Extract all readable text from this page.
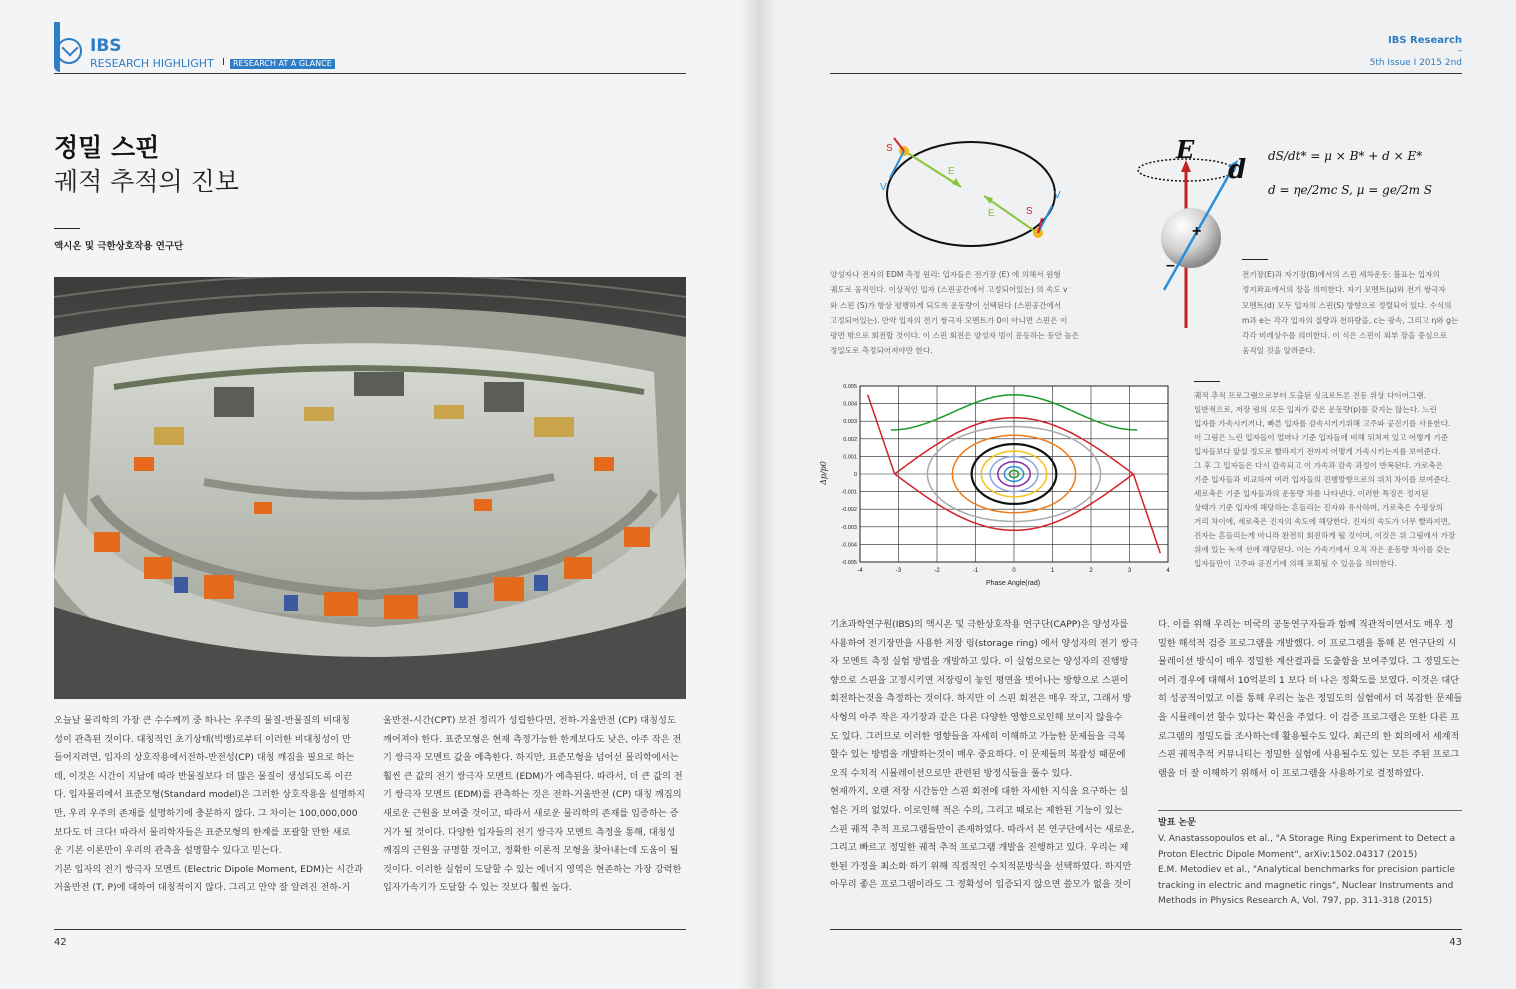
IBS
RESEARCH HIGHLIGHT I	RESEARCH AT A GLANCE
정밀 스핀
궤적 추적의 진보
액시온 및 극한상호작용 연구단

오늘날 물리학의 가장 큰 수수께끼 중 하나는 우주의 물질-반물질의 비대칭

성이 관측된 것이다. 대칭적인 초기상태(빅뱅)로부터 이러한 비대칭성이 만

들어지려면, 입자의 상호작용에서전하-반전성(CP) 대칭 깨짐을 필요로 하는

데, 이것은 시간이 지남에 따라 반물질보다 더 많은 물질이 생성되도록 이끈

다. 입자물리에서 표준모형(Standard model)은 그러한 상호작용을 설명하지

만, 우리 우주의 존재를 설명하기에 충분하지 않다. 그 차이는 100,000,000

보다도 더 크다! 따라서 물리학자들은 표준모형의 한계를 포괄할 만한 새로

운 기본 이론만이 우리의 관측을 설명할수 있다고 믿는다.

기본 입자의 전기 쌍극자 모멘트 (Electric Dipole Moment, EDM)는 시간과

거울반전 (T, P)에 대하여 대칭적이지 않다. 그리고 만약 잘 알려진 전하-거

울반전-시간(CPT) 보전 정리가 성립한다면, 전하-거울반전 (CP) 대칭성도

깨어져야 한다. 표준모형은 현재 측정가능한 한계보다도 낮은, 아주 작은 전

기 쌍극자 모멘트 값을 예측한다. 하지만, 표준모형을 넘어선 물리학에서는

훨씬 큰 값의 전기 쌍극자 모멘트 (EDM)가 예측된다. 따라서, 더 큰 값의 전

기 쌍극자 모멘트 (EDM)를 관측하는 것은 전하-거울반전 (CP) 대칭 깨짐의

새로운 근원을 보여줄 것이고, 따라서 새로운 물리학의 존재를 입증하는 증

거가 될 것이다. 다양한 입자들의 전기 쌍극자 모멘트 측정을 통해, 대칭성

깨짐의 근원을 규명할 것이고, 정확한 이론적 모형을 찾아내는데 도움이 될

것이다. 이러한 실험이 도달할 수 있는 에너지 영역은 현존하는 가장 강력한

입자가속기가 도달할 수 있는 것보다 훨씬 높다.

42
IBS Research
–
5th Issue I 2015 2nd
S
V
E
E	S
V

양성자나 전자의 EDM 측정 원리: 입자들은 전기장 (E) 에 의해서 원형

궤도로 움직인다. 이상적인 입자 (스핀공간에서 고정되어있는) 의 속도 v

와 스핀 (S)가 항상 평행하게 되도록 운동량이 선택된다 (스핀공간에서

고정되어있는). 만약 입자의 전기 쌍극자 모멘트가 0이 아니면 스핀은 이

평면 밖으로 회전할 것이다. 이 스핀 회전은 양성자 빔이 운동하는 동안 높은

정밀도로 측정되어져야만 한다.

E
d
+
–
dS/dt* = μ × B* + d × E*
d = ηe/2mc S, μ = ge/2m S

전기장(E)과 자기장(B)에서의 스핀 세차운동: 볼표는 입자의

정지좌표에서의 장을 의미한다. 자기 모멘트(μ)와 전기 쌍극자

모멘트(d) 모두 입자의 스핀(S) 방향으로 정렬되어 있다. 수식의

m과 e는 각각 입자의 질량과 전하량을, c는 광속, 그리고 η와 g는

각각 비례상수를 의미한다. 이 식은 스핀이 외부 장을 중심으로

움직일 것을 알려준다.

-4	-3	-2	-1	0	1	2	3	4
0.005
0.004
0.003
0.002
0.001
0
-0.001
-0.002
-0.003
-0.004
-0.005
Phase Angle(rad)
Δp/p0

궤적 추적 프로그램으로부터 도출된 싱크로트론 진동 위상 다이어그램.

일반적으로, 저장 링의 모든 입자가 같은 운동량(p)를 갖지는 않는다. 느린

입자를 가속시키거나, 빠른 입자를 감속시키기위해 고주파 공진기를 사용한다.

이 그림은 느린 입자들이 얼마나 기준 입자들에 비해 뒤쳐져 있고 어떻게 기준

입자들보다 앞설 정도로 빨라지기 전까지 어떻게 가속시키는지를 보여준다.

그 후 그 입자들은 다시 감속되고 이 가속과 감속 과정이 반복된다. 가로축은

기준 입자들과 비교하여 여러 입자들의 진행방향으로의 위치 차이를 보여준다.

세로축은 기준 입자들과의 운동량 차를 나타낸다. 이러한 특징은 정지된

상태가 기준 입자에 해당하는 흔들리는 진자와 유사하며, 가로축은 수평상의

거리 차이에, 세로축은 진자의 속도에 해당한다. 진자의 속도가 너무 빨라지면,

진자는 흔들리는게 아니라 완전히 회전하게 될 것이며, 이것은 위 그림에서 가장

위에 있는 녹색 선에 해당된다. 이는 가속기에서 오직 작은 운동량 차이를 갖는

입자들만이 고주파 공진기에 의해 포획될 수 있음을 의미한다.

기초과학연구원(IBS)의 액시온 및 극한상호작용 연구단(CAPP)은 양성자를

사용하여 전기장만을 사용한 저장 링(storage ring) 에서 양성자의 전기 쌍극

자 모멘트 측정 실험 방법을 개발하고 있다. 이 실험으로는 양성자의 진행방

향으로 스핀을 고정시키면 저장링이 놓인 평면을 벗어나는 방향으로 스핀이

회전하는것을 측정하는 것이다. 하지만 이 스핀 회전은 매우 작고, 그래서 방

사형의 아주 작은 자기장과 같은 다른 다양한 영향으로인해 보이지 않을수

도 있다. 그러므로 이러한 영향들을 자세히 이해하고 가능한 문제들을 극복

할수 있는 방법을 개발하는것이 매우 중요하다. 이 문제들의 복잡성 때문에

오직 수치적 시뮬레이션으로만 관련된 방정식들을 풀수 있다.

현재까지, 오랜 저장 시간동안 스핀 회전에 대한 자세한 지식을 요구하는 실

험은 거의 없었다. 이로인해 적은 수의, 그리고 때로는 제한된 기능이 있는

스핀 궤적 추적 프로그램들만이 존재하였다. 따라서 본 연구단에서는 새로운,

그리고 빠르고 정밀한 궤적 추적 프로그램 개발을 진행하고 있다. 우리는 제

한된 가정을 최소화 하기 위해 직접적인 수치적분방식을 선택하였다. 하지만

아무리 좋은 프로그램이라도 그 정확성이 입증되지 않으면 쓸모가 없을 것이

다. 이를 위해 우리는 미국의 공동연구자들과 함께 직관적이면서도 매우 정

밀한 해석적 검증 프로그램을 개발했다. 이 프로그램을 통해 본 연구단의 시

뮬레이션 방식이 매우 정밀한 계산결과를 도출함을 보여주었다. 그 정밀도는

여러 경우에 대해서 10억분의 1 보다 더 나은 정확도를 보였다. 이것은 대단

히 성공적이었고 이를 통해 우리는 높은 정밀도의 실험에서 더 복잡한 문제들

을 시뮬레이션 할수 있다는 확신을 주었다. 이 검증 프로그램은 또한 다른 프

로그램의 정밀도를 조사하는데 활용될수도 있다. 최근의 한 회의에서 세계적

스핀 궤적추적 커뮤니티는 정밀한 실험에 사용될수도 있는 모든 주된 프로그

램을 더 잘 이해하기 위해서 이 프로그램을 사용하기로 결정하였다.

발표 논문

V. Anastassopoulos et al., "A Storage Ring Experiment to Detect a

Proton Electric Dipole Moment", arXiv:1502.04317 (2015)

E.M. Metodiev et al., "Analytical benchmarks for precision particle

tracking in electric and magnetic rings", Nuclear Instruments and

Methods in Physics Research A, Vol. 797, pp. 311-318 (2015)

43
